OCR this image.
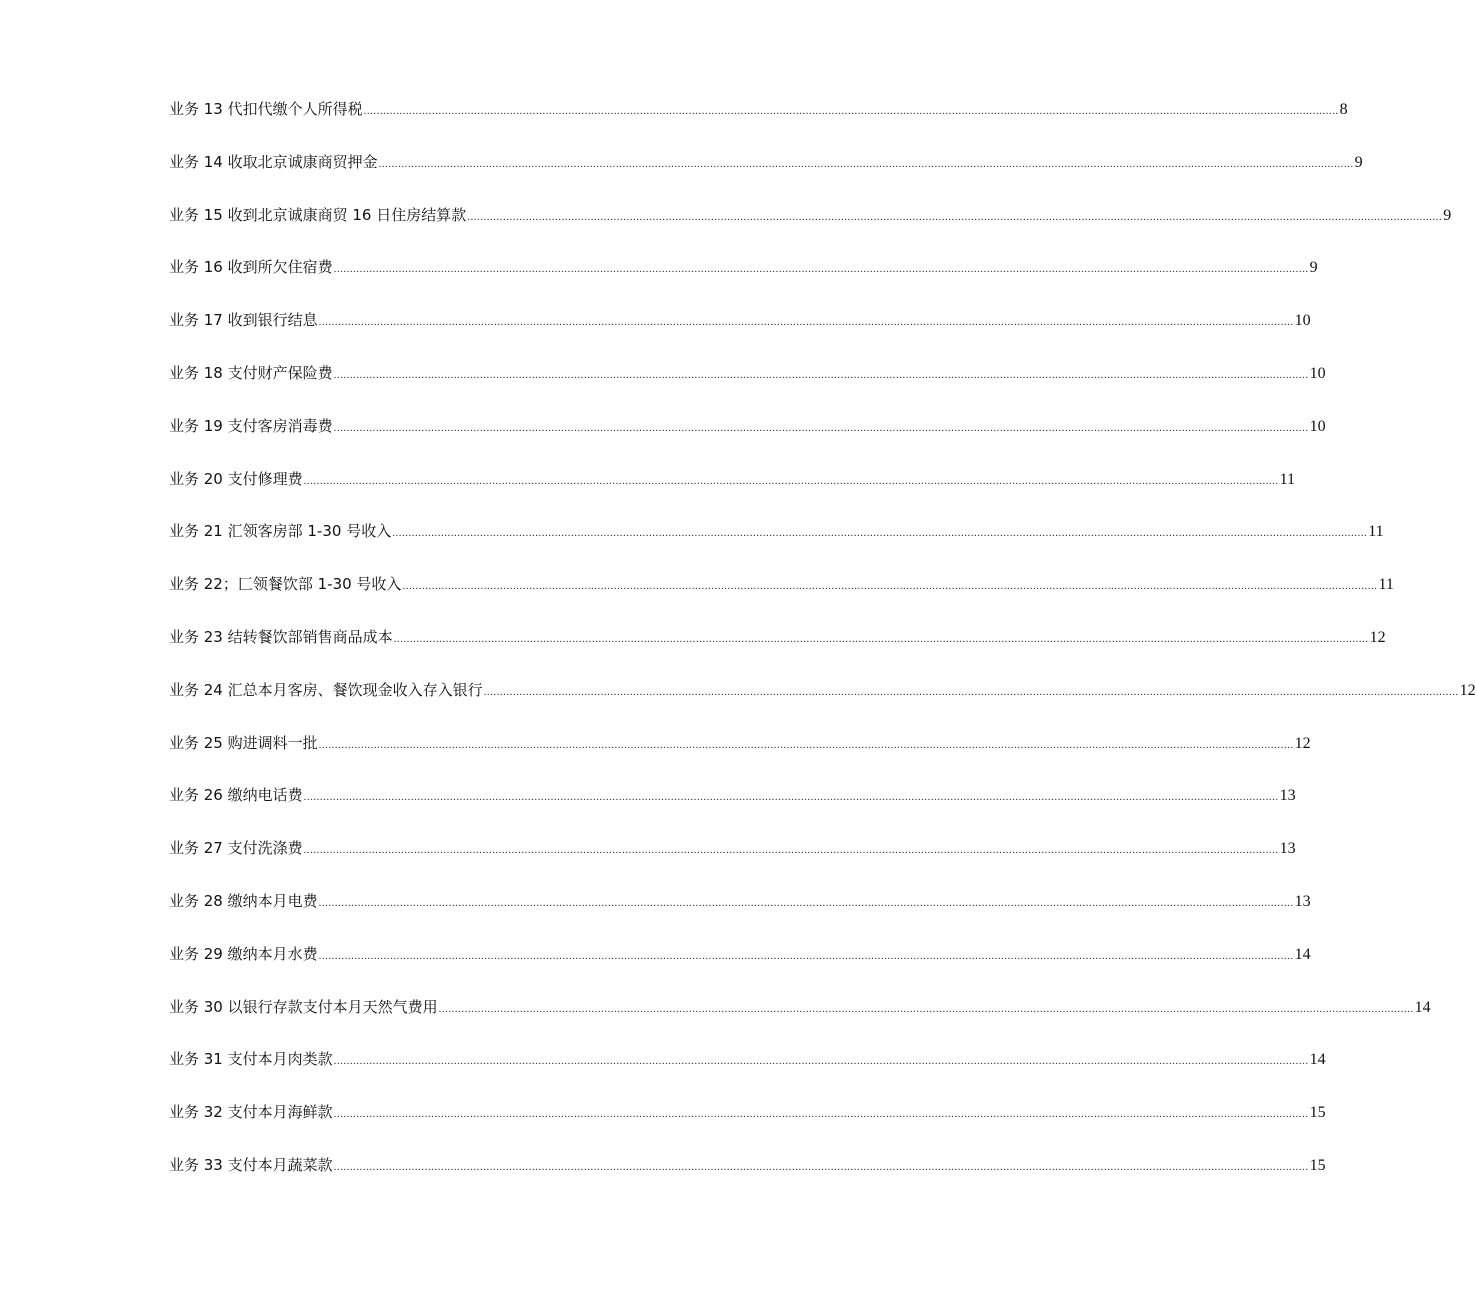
业务 13 代扣代缴个人所得税 ............................................................................................................................................................................................................................................................................................................ 8
业务 14 收取北京诚康商贸押金 ............................................................................................................................................................................................................................................................................................................ 9
业务 15 收到北京诚康商贸 16 日住房结算款 ............................................................................................................................................................................................................................................................................................................ 9
业务 16 收到所欠住宿费 ............................................................................................................................................................................................................................................................................................................ 9
业务 17 收到银行结息 ............................................................................................................................................................................................................................................................................................................ 10
业务 18 支付财产保险费 ............................................................................................................................................................................................................................................................................................................ 10
业务 19 支付客房消毒费 ............................................................................................................................................................................................................................................................................................................ 10
业务 20 支付修理费 ............................................................................................................................................................................................................................................................................................................ 11
业务 21 汇领客房部 1-30 号收入 ............................................................................................................................................................................................................................................................................................................ 11
业务 22；匚领餐饮部 1-30 号收入 ............................................................................................................................................................................................................................................................................................................ 11
业务 23 结转餐饮部销售商品成本 ............................................................................................................................................................................................................................................................................................................ 12
业务 24 汇总本月客房、餐饮现金收入存入银行 ............................................................................................................................................................................................................................................................................................................ 12
业务 25 购进调料一批 ............................................................................................................................................................................................................................................................................................................ 12
业务 26 缴纳电话费 ............................................................................................................................................................................................................................................................................................................ 13
业务 27 支付洗涤费 ............................................................................................................................................................................................................................................................................................................ 13
业务 28 缴纳本月电费 ............................................................................................................................................................................................................................................................................................................ 13
业务 29 缴纳本月水费 ............................................................................................................................................................................................................................................................................................................ 14
业务 30 以银行存款支付本月天然气费用 ............................................................................................................................................................................................................................................................................................................ 14
业务 31 支付本月肉类款 ............................................................................................................................................................................................................................................................................................................ 14
业务 32 支付本月海鲜款 ............................................................................................................................................................................................................................................................................................................ 15
业务 33 支付本月蔬菜款 ............................................................................................................................................................................................................................................................................................................ 15
